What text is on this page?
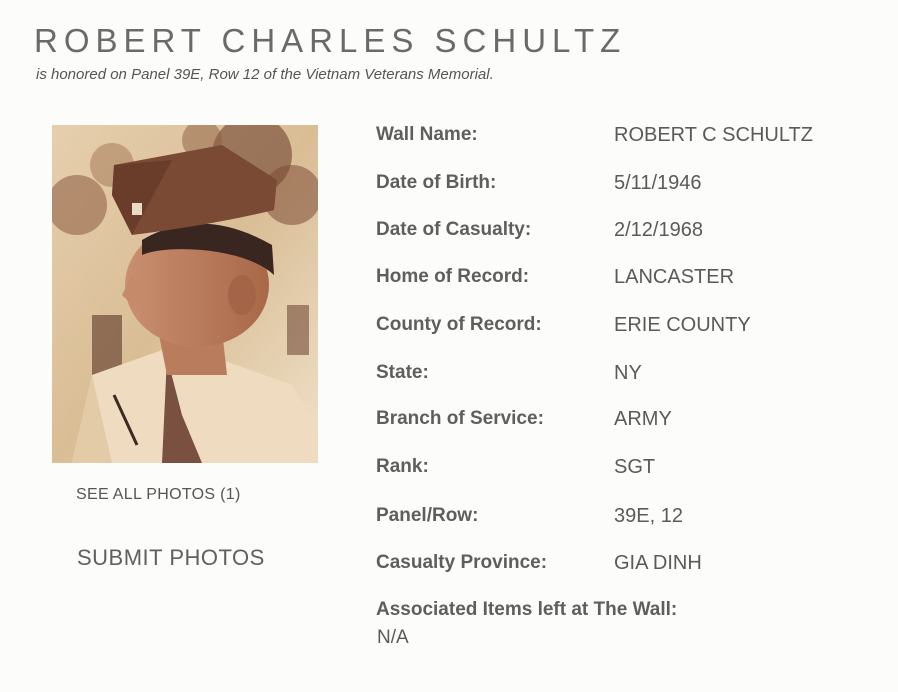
ROBERT CHARLES SCHULTZ
is honored on Panel 39E, Row 12 of the Vietnam Veterans Memorial.
SEE ALL PHOTOS (1)
SUBMIT PHOTOS
Wall Name:	ROBERT C SCHULTZ
Date of Birth:	5/11/1946
Date of Casualty:	2/12/1968
Home of Record:	LANCASTER
County of Record:	ERIE COUNTY
State:	NY
Branch of Service:	ARMY
Rank:	SGT
Panel/Row:	39E, 12
Casualty Province:	GIA DINH
Associated Items left at The Wall:
N/A
